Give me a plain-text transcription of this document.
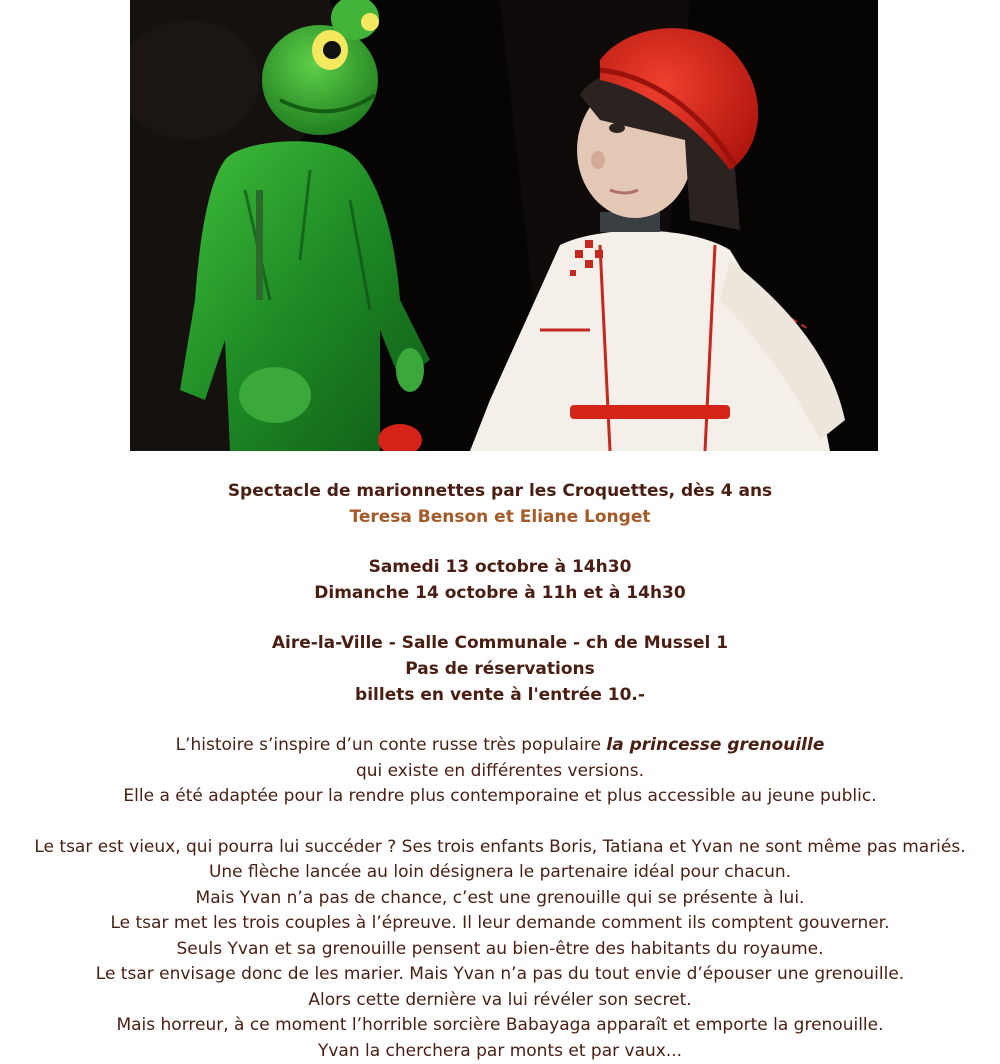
Spectacle de marionnettes par les Croquettes, dès 4 ans

Teresa Benson et Eliane Longet

Samedi 13 octobre à 14h30

Dimanche 14 octobre à 11h et à 14h30

Aire-la-Ville - Salle Communale - ch de Mussel 1

Pas de réservations

billets en vente à l'entrée 10.-

L’histoire s’inspire d’un conte russe très populaire la princesse grenouille

qui existe en différentes versions.

Elle a été adaptée pour la rendre plus contemporaine et plus accessible au jeune public.

Le tsar est vieux, qui pourra lui succéder ? Ses trois enfants Boris, Tatiana et Yvan ne sont même pas mariés.

Une flèche lancée au loin désignera le partenaire idéal pour chacun.

Mais Yvan n’a pas de chance, c’est une grenouille qui se présente à lui.

Le tsar met les trois couples à l’épreuve. Il leur demande comment ils comptent gouverner.

Seuls Yvan et sa grenouille pensent au bien-être des habitants du royaume.

Le tsar envisage donc de les marier. Mais Yvan n’a pas du tout envie d’épouser une grenouille.

Alors cette dernière va lui révéler son secret.

Mais horreur, à ce moment l’horrible sorcière Babayaga apparaît et emporte la grenouille.

Yvan la cherchera par monts et par vaux...
